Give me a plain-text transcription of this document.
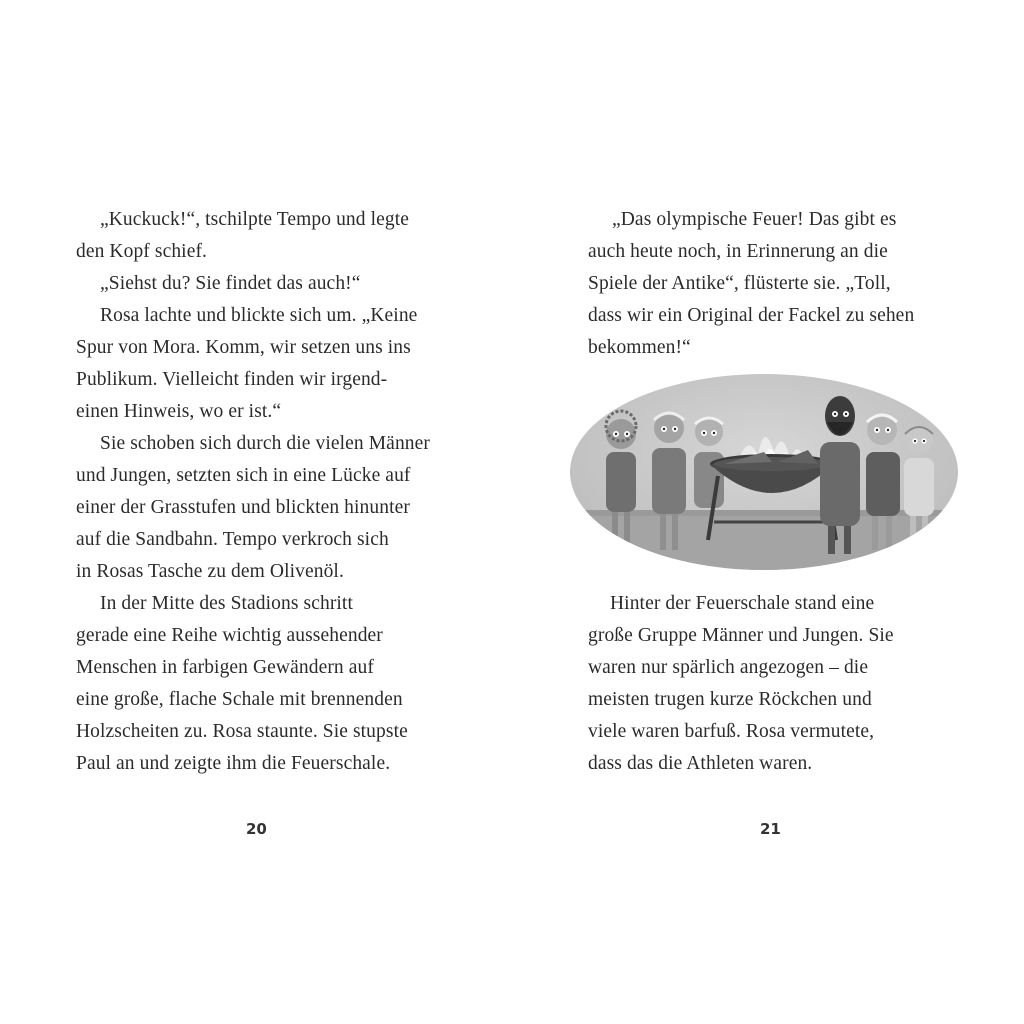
„Kuckuck!“, tschilpte Tempo und legte
den Kopf schief.
„Siehst du? Sie findet das auch!“
Rosa lachte und blickte sich um. „Keine
Spur von Mora. Komm, wir setzen uns ins
Publikum. Vielleicht finden wir irgend-
einen Hinweis, wo er ist.“
Sie schoben sich durch die vielen Männer
und Jungen, setzten sich in eine Lücke auf
einer der Grasstufen und blickten hinunter
auf die Sandbahn. Tempo verkroch sich
in Rosas Tasche zu dem Olivenöl.
In der Mitte des Stadions schritt
gerade eine Reihe wichtig aussehender
Menschen in farbigen Gewändern auf
eine große, flache Schale mit brennenden
Holzscheiten zu. Rosa staunte. Sie stupste
Paul an und zeigte ihm die Feuerschale.
20
„Das olympische Feuer! Das gibt es
auch heute noch, in Erinnerung an die
Spiele der Antike“, flüsterte sie. „Toll,
dass wir ein Original der Fackel zu sehen
bekommen!“
Hinter der Feuerschale stand eine
große Gruppe Männer und Jungen. Sie
waren nur spärlich angezogen – die
meisten trugen kurze Röckchen und
viele waren barfuß. Rosa vermutete,
dass das die Athleten waren.
21
